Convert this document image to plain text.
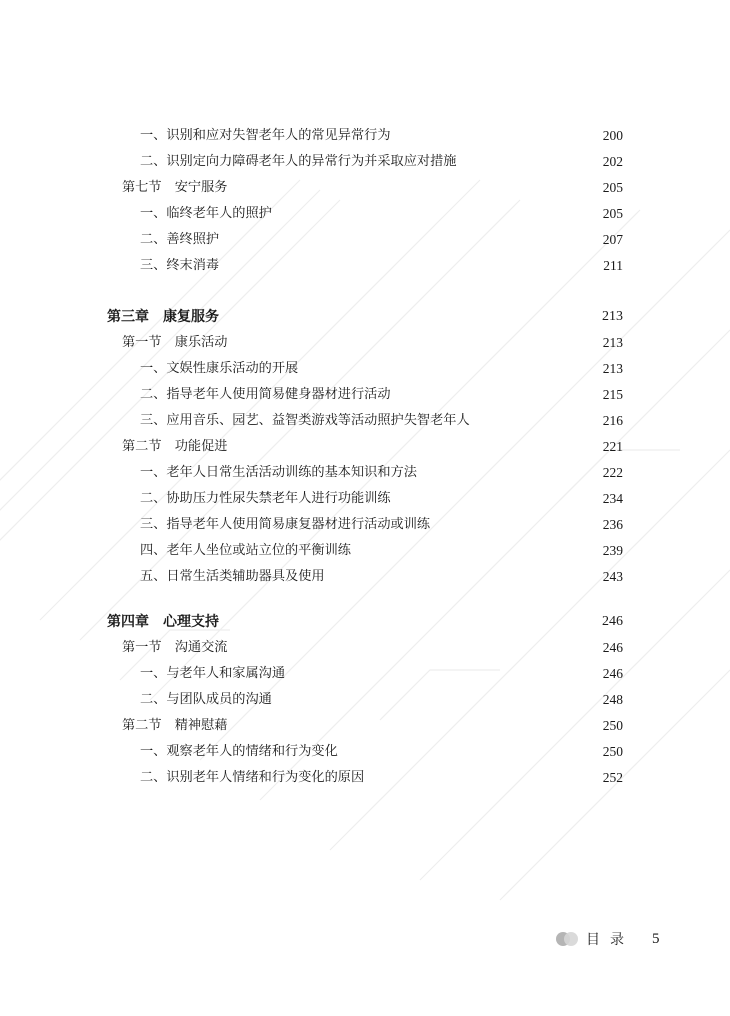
一、识别和应对失智老年人的常见异常行为	200
二、识别定向力障碍老年人的异常行为并采取应对措施	202
第七节　安宁服务	205
一、临终老年人的照护	205
二、善终照护	207
三、终末消毒	211
第三章　康复服务	213
第一节　康乐活动	213
一、文娱性康乐活动的开展	213
二、指导老年人使用简易健身器材进行活动	215
三、应用音乐、园艺、益智类游戏等活动照护失智老年人	216
第二节　功能促进	221
一、老年人日常生活活动训练的基本知识和方法	222
二、协助压力性尿失禁老年人进行功能训练	234
三、指导老年人使用简易康复器材进行活动或训练	236
四、老年人坐位或站立位的平衡训练	239
五、日常生活类辅助器具及使用	243
第四章　心理支持	246
第一节　沟通交流	246
一、与老年人和家属沟通	246
二、与团队成员的沟通	248
第二节　精神慰藉	250
一、观察老年人的情绪和行为变化	250
二、识别老年人情绪和行为变化的原因	252
目录 5
